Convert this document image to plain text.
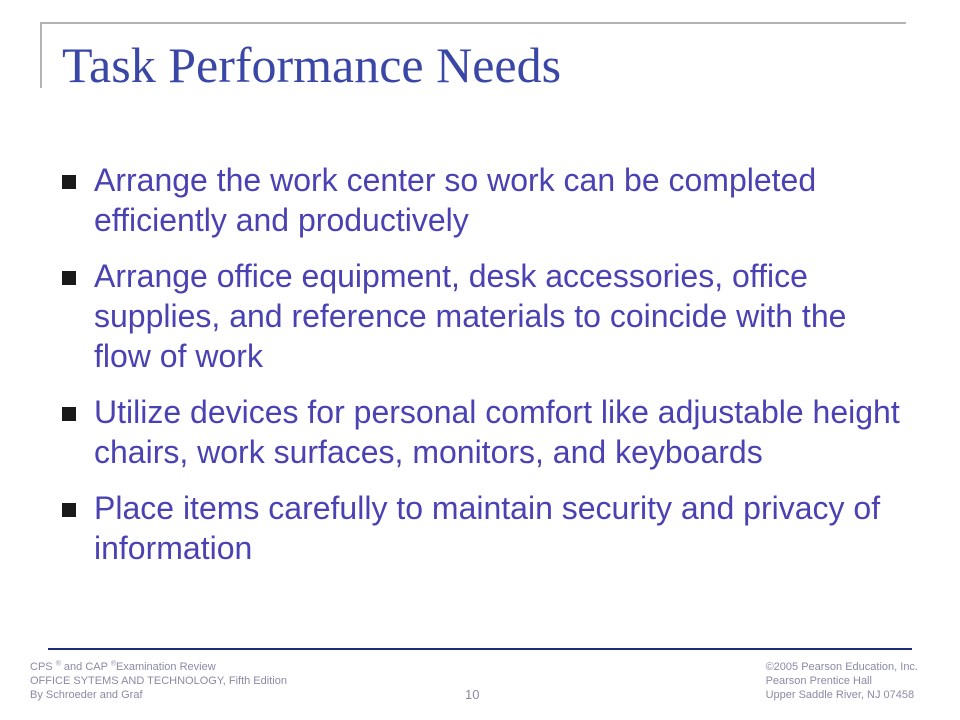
Task Performance Needs
Arrange the work center so work can be completed efficiently and productively
Arrange office equipment, desk accessories, office supplies, and reference materials to coincide with the flow of work
Utilize devices for personal comfort like adjustable height chairs, work surfaces, monitors, and keyboards
Place items carefully to maintain security and privacy of information
CPS ® and CAP ®Examination Review
OFFICE SYTEMS AND TECHNOLOGY, Fifth Edition
By Schroeder and Graf	10
©2005 Pearson Education, Inc.
Pearson Prentice Hall
Upper Saddle River, NJ 07458
